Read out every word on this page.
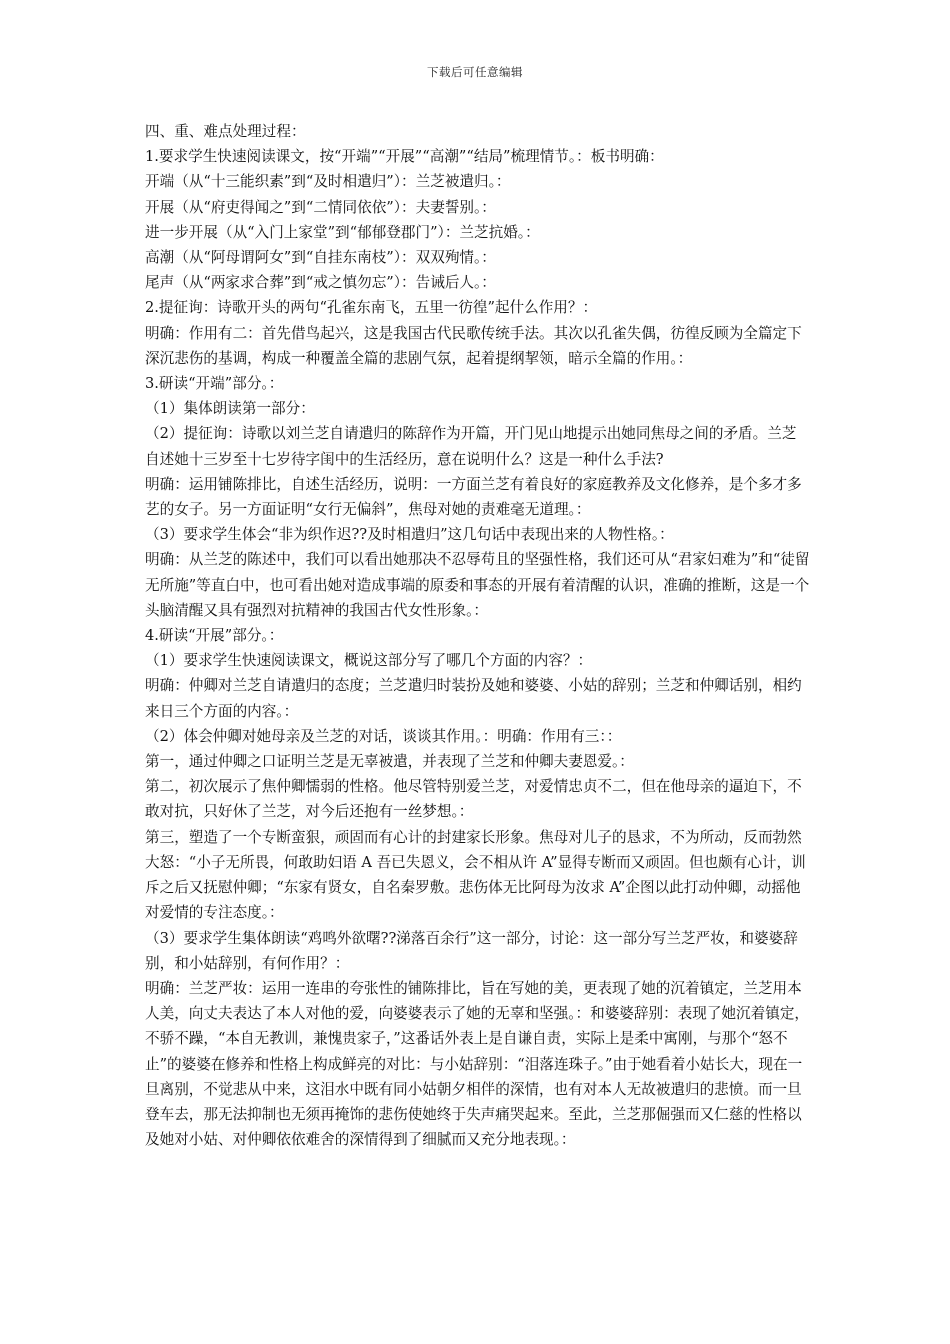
下载后可任意编辑

四、重、难点处理过程：

1.要求学生快速阅读课文，按“开端”“开展”“高潮”“结局”梳理情节。：板书明确：

开端（从“十三能织素”到“及时相遣归”）：兰芝被遣归。：

开展（从“府吏得闻之”到“二情同依依”）：夫妻誓别。：

进一步开展（从“入门上家堂”到“郁郁登郡门”）：兰芝抗婚。：

高潮（从“阿母谓阿女”到“自挂东南枝”）：双双殉情。：

尾声（从“两家求合葬”到“戒之慎勿忘”）：告诫后人。：

2.提征询：诗歌开头的两句“孔雀东南飞，五里一彷徨”起什么作用？：

明确：作用有二：首先借鸟起兴，这是我国古代民歌传统手法。其次以孔雀失偶，彷徨反顾为全篇定下深沉悲伤的基调，构成一种覆盖全篇的悲剧气氛，起着提纲挈领，暗示全篇的作用。：

3.研读“开端”部分。：

（1）集体朗读第一部分：

（2）提征询：诗歌以刘兰芝自请遣归的陈辞作为开篇，开门见山地提示出她同焦母之间的矛盾。兰芝自述她十三岁至十七岁待字闺中的生活经历，意在说明什么？这是一种什么手法?

明确：运用铺陈排比，自述生活经历，说明：一方面兰芝有着良好的家庭教养及文化修养，是个多才多艺的女子。另一方面证明“女行无偏斜”，焦母对她的责难毫无道理。：

（3）要求学生体会“非为织作迟??及时相遣归”这几句话中表现出来的人物性格。：

明确：从兰芝的陈述中，我们可以看出她那决不忍辱苟且的坚强性格，我们还可从“君家妇难为”和“徒留无所施”等直白中，也可看出她对造成事端的原委和事态的开展有着清醒的认识，准确的推断，这是一个头脑清醒又具有强烈对抗精神的我国古代女性形象。：

4.研读“开展”部分。：

（1）要求学生快速阅读课文，概说这部分写了哪几个方面的内容？：

明确：仲卿对兰芝自请遣归的态度；兰芝遣归时装扮及她和婆婆、小姑的辞别；兰芝和仲卿话别，相约来日三个方面的内容。：

（2）体会仲卿对她母亲及兰芝的对话，谈谈其作用。：明确：作用有三：：

第一，通过仲卿之口证明兰芝是无辜被遣，并表现了兰芝和仲卿夫妻恩爱。：

第二，初次展示了焦仲卿懦弱的性格。他尽管特别爱兰芝，对爱情忠贞不二，但在他母亲的逼迫下，不敢对抗，只好休了兰芝，对今后还抱有一丝梦想。：

第三，塑造了一个专断蛮狠，顽固而有心计的封建家长形象。焦母对儿子的恳求，不为所动，反而勃然大怒：“小子无所畏，何敢助妇语 A 吾已失恩义，会不相从许 A”显得专断而又顽固。但也颇有心计，训斥之后又抚慰仲卿；“东家有贤女，自名秦罗敷。悲伤体无比阿母为汝求 A”企图以此打动仲卿，动摇他对爱情的专注态度。：

（3）要求学生集体朗读“鸡鸣外欲曙??涕落百余行”这一部分，讨论：这一部分写兰芝严妆，和婆婆辞别，和小姑辞别，有何作用？：

明确：兰芝严妆：运用一连串的夸张性的铺陈排比，旨在写她的美，更表现了她的沉着镇定，兰芝用本人美，向丈夫表达了本人对他的爱，向婆婆表示了她的无辜和坚强。：和婆婆辞别：表现了她沉着镇定，不骄不躁，“本自无教训，兼愧贵家子，”这番话外表上是自谦自责，实际上是柔中寓刚，与那个“怒不止”的婆婆在修养和性格上构成鲜亮的对比：与小姑辞别：“泪落连珠子。”由于她看着小姑长大，现在一旦离别，不觉悲从中来，这泪水中既有同小姑朝夕相伴的深情，也有对本人无故被遣归的悲愤。而一旦登车去，那无法抑制也无须再掩饰的悲伤使她终于失声痛哭起来。至此，兰芝那倔强而又仁慈的性格以及她对小姑、对仲卿依依难舍的深情得到了细腻而又充分地表现。：
